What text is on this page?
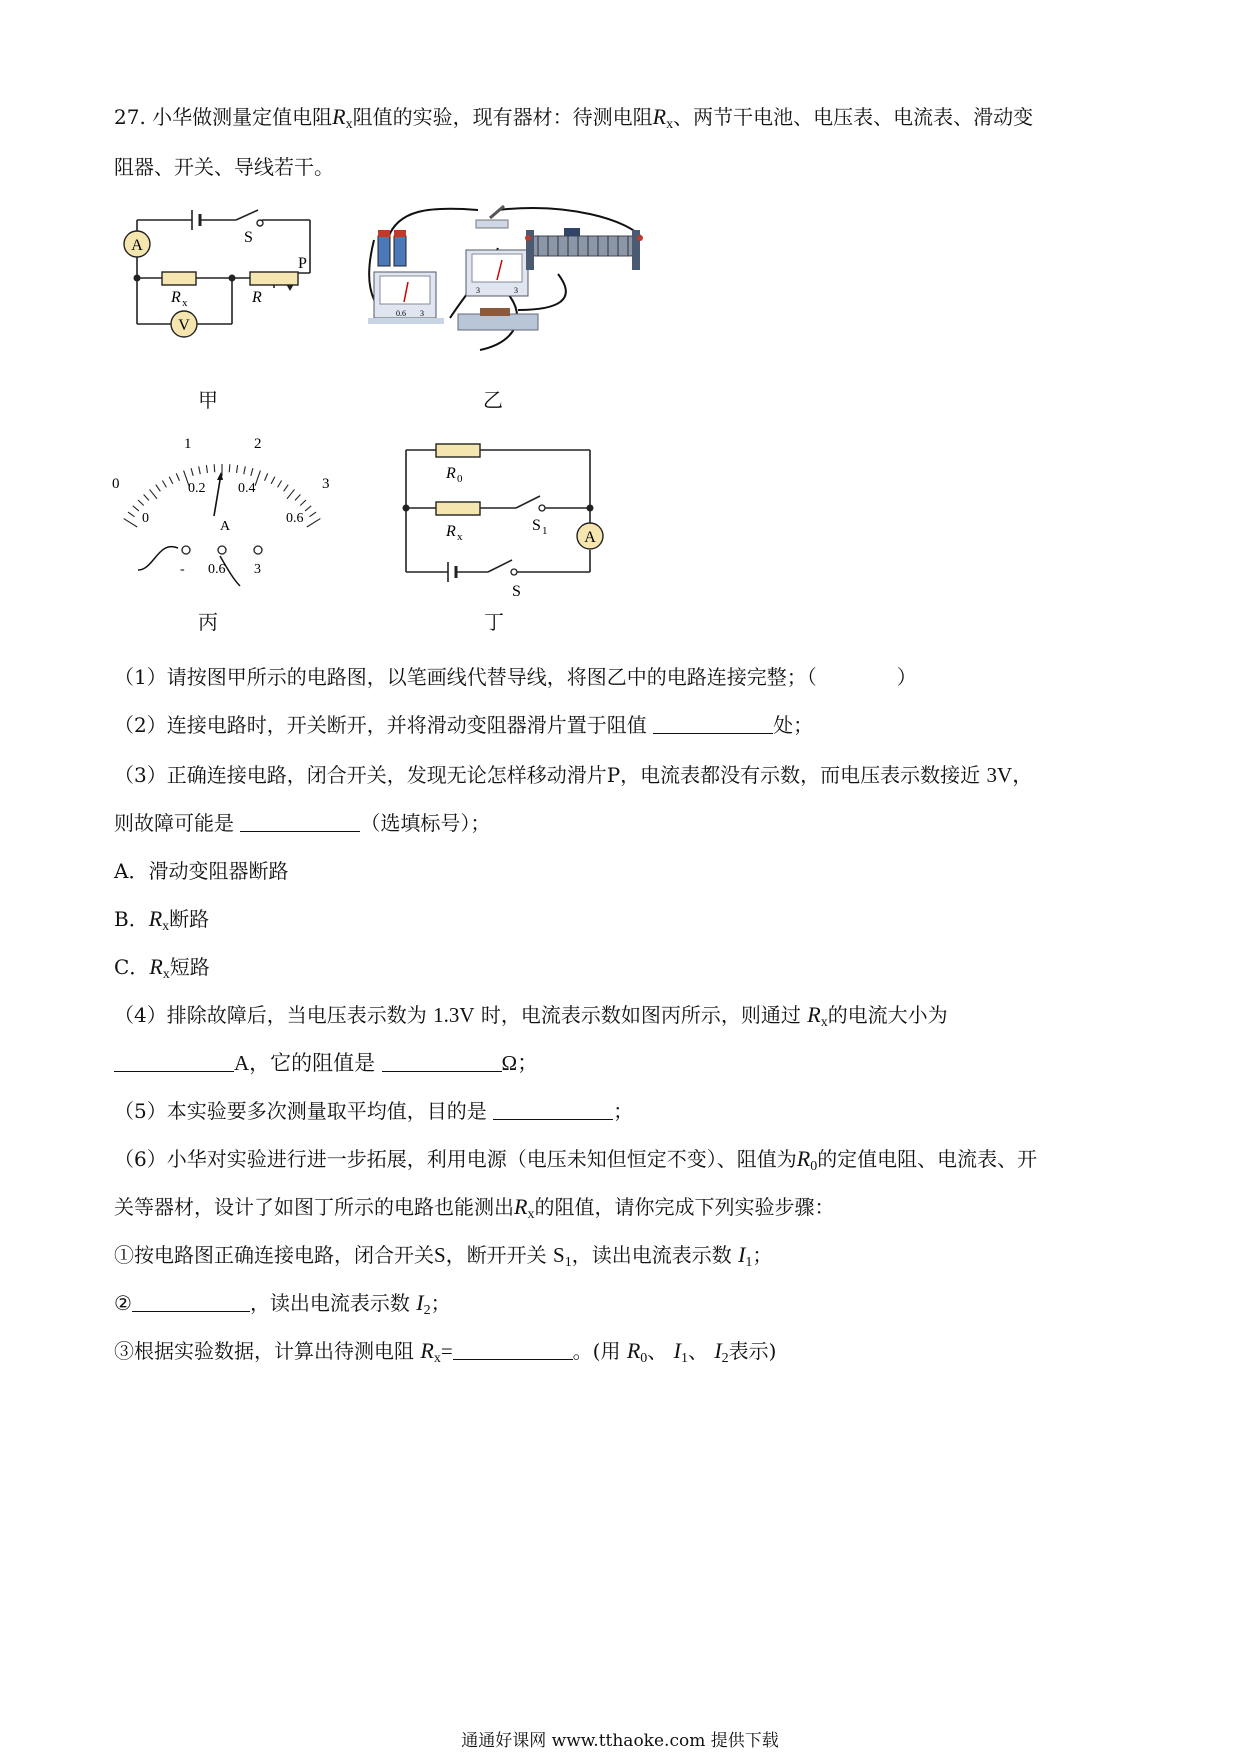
27. 小华做测量定值电阻$R_x$阻值的实验，现有器材：待测电阻$R_x$、两节干电池、电压表、电流表、滑动变
阻器、开关、导线若干。
A
V
S
P
R x	R
甲
3	3
0.6 3
乙
0
1	2
3
0
0.2 0.4
0.6
A
- 0.6 3
丙
A
R 0
R x
S 1
S
丁
（1）请按图甲所示的电路图，以笔画线代替导线，将图乙中的电路连接完整；（　　　　）
（2）连接电路时，开关断开，并将滑动变阻器滑片置于阻值	处；
（3）正确连接电路，闭合开关，发现无论怎样移动滑片P，电流表都没有示数，而电压表示数接近 3V，
则故障可能是	（选填标号）；
A．滑动变阻器断路
B．$R_x$断路
C．$R_x$短路
（4）排除故障后，当电压表示数为 1.3V 时，电流表示数如图丙所示，则通过 $R_x$的电流大小为
A，它的阻值是	Ω；
（5）本实验要多次测量取平均值，目的是	；
（6）小华对实验进行进一步拓展，利用电源（电压未知但恒定不变）、阻值为$R_0$的定值电阻、电流表、开
关等器材，设计了如图丁所示的电路也能测出$R_x$的阻值，请你完成下列实验步骤：
①按电路图正确连接电路，闭合开关S，断开开关 $S_1$，读出电流表示数 $I_1$；
②	，读出电流表示数 $I_2$；
③根据实验数据，计算出待测电阻 $R_x=$	。(用 $R_0$、 $I_1$、 $I_2$表示)
通通好课网 www.tthaoke.com 提供下载
